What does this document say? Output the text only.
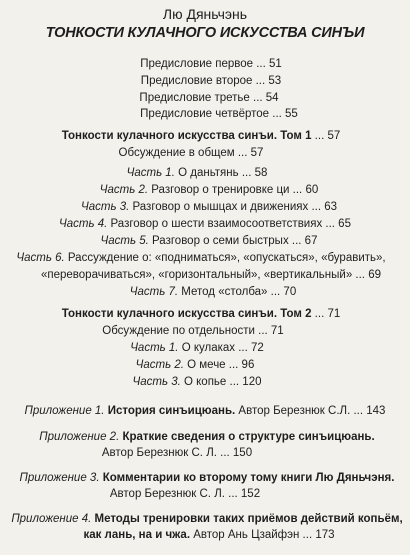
Лю Дяньчэнь
ТОНКОСТИ КУЛАЧНОГО ИСКУССТВА СИНЪИ
Предисловие первое ... 51
Предисловие второе ... 53
Предисловие третье ... 54
Предисловие четвёртое ... 55
Тонкости кулачного искусства синъи. Том 1 ... 57
Обсуждение в общем ... 57
Часть 1. О даньтянь ... 58
Часть 2. Разговор о тренировке ци ... 60
Часть 3. Разговор о мышцах и движениях ... 63
Часть 4. Разговор о шести взаимосоответствиях ... 65
Часть 5. Разговор о семи быстрых ... 67
Часть 6. Рассуждение о: «подниматься», «опускаться», «буравить»,
«переворачиваться», «горизонтальный», «вертикальный» ... 69
Часть 7. Метод «столба» ... 70
Тонкости кулачного искусства синъи. Том 2 ... 71
Обсуждение по отдельности ... 71
Часть 1. О кулаках ... 72
Часть 2. О мече ... 96
Часть 3. О копье ... 120
Приложение 1. История синъицюань. Автор Березнюк С.Л. ... 143
Приложение 2. Краткие сведения о структуре синъицюань.
Автор Березнюк С. Л. ... 150
Приложение 3. Комментарии ко второму тому книги Лю Дяньчэня.
Автор Березнюк С. Л. ... 152
Приложение 4. Методы тренировки таких приёмов действий копьём,
как лань, на и чжа. Автор Ань Цзайфэн ... 173
